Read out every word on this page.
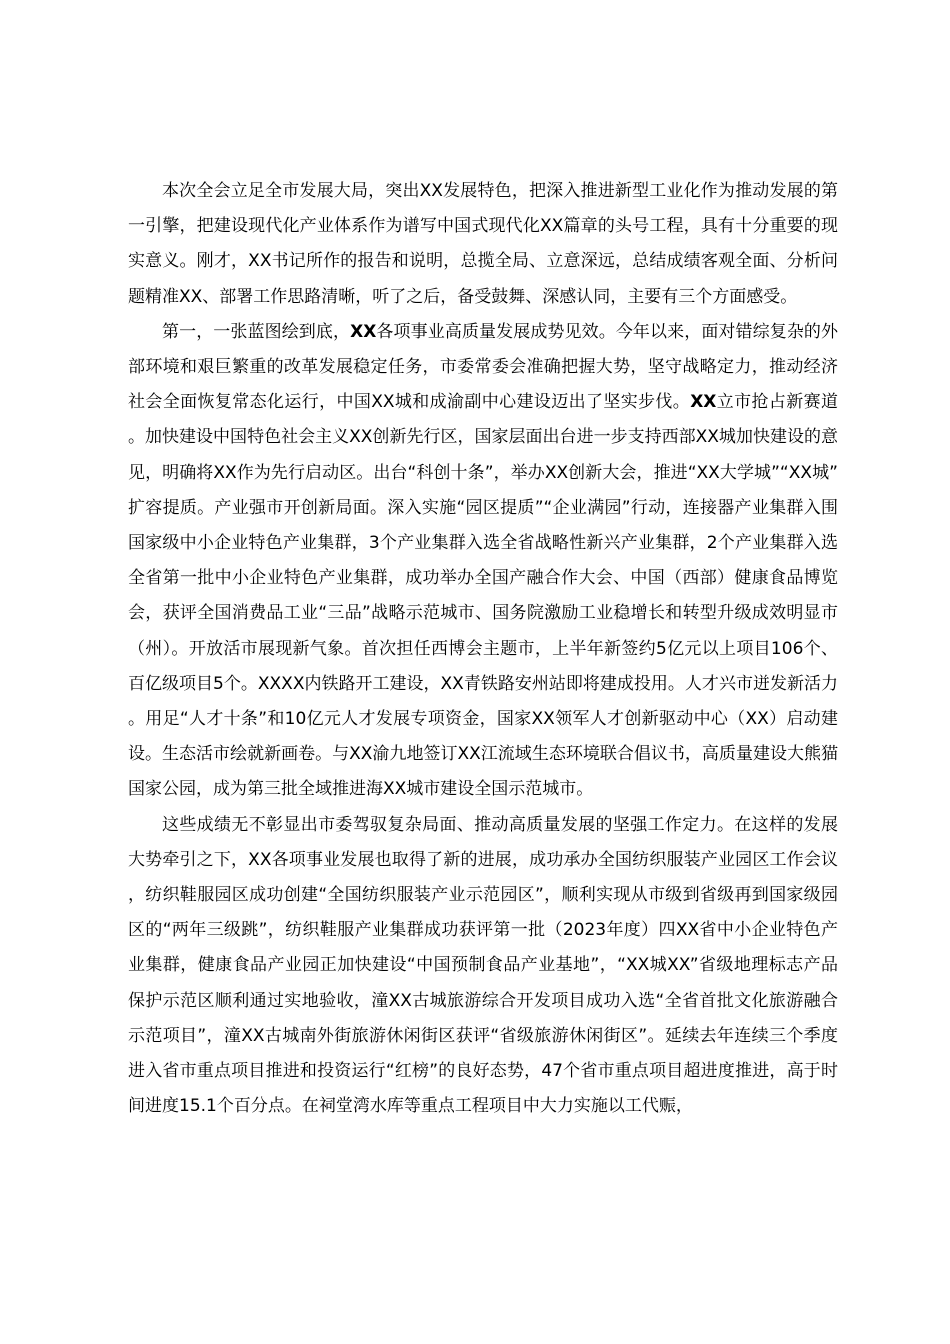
本次全会立足全市发展大局，突出XX发展特色，把深入推进新型工业化作为推动发展的第一引擎，把建设现代化产业体系作为谱写中国式现代化XX篇章的头号工程，具有十分重要的现实意义。刚才，XX书记所作的报告和说明，总揽全局、立意深远，总结成绩客观全面、分析问题精准XX、部署工作思路清晰，听了之后，备受鼓舞、深感认同，主要有三个方面感受。

第一，一张蓝图绘到底，XX各项事业高质量发展成势见效。今年以来，面对错综复杂的外部环境和艰巨繁重的改革发展稳定任务，市委常委会准确把握大势，坚守战略定力，推动经济社会全面恢复常态化运行，中国XX城和成渝副中心建设迈出了坚实步伐。XX立市抢占新赛道。加快建设中国特色社会主义XX创新先行区，国家层面出台进一步支持西部XX城加快建设的意见，明确将XX作为先行启动区。出台“科创十条”，举办XX创新大会，推进“XX大学城”“XX城”扩容提质。产业强市开创新局面。深入实施“园区提质”“企业满园”行动，连接器产业集群入围国家级中小企业特色产业集群，3个产业集群入选全省战略性新兴产业集群，2个产业集群入选全省第一批中小企业特色产业集群，成功举办全国产融合作大会、中国（西部）健康食品博览会，获评全国消费品工业“三品”战略示范城市、国务院激励工业稳增长和转型升级成效明显市（州）。开放活市展现新气象。首次担任西博会主题市，上半年新签约5亿元以上项目106个、百亿级项目5个。XXXX内铁路开工建设，XX青铁路安州站即将建成投用。人才兴市迸发新活力。用足“人才十条”和10亿元人才发展专项资金，国家XX领军人才创新驱动中心（XX）启动建设。生态活市绘就新画卷。与XX渝九地签订XX江流域生态环境联合倡议书，高质量建设大熊猫国家公园，成为第三批全域推进海XX城市建设全国示范城市。

这些成绩无不彰显出市委驾驭复杂局面、推动高质量发展的坚强工作定力。在这样的发展大势牵引之下，XX各项事业发展也取得了新的进展，成功承办全国纺织服装产业园区工作会议，纺织鞋服园区成功创建“全国纺织服装产业示范园区”，顺利实现从市级到省级再到国家级园区的“两年三级跳”，纺织鞋服产业集群成功获评第一批（2023年度）四XX省中小企业特色产业集群，健康食品产业园正加快建设“中国预制食品产业基地”，“XX城XX”省级地理标志产品保护示范区顺利通过实地验收，潼XX古城旅游综合开发项目成功入选“全省首批文化旅游融合示范项目”，潼XX古城南外街旅游休闲街区获评“省级旅游休闲街区”。延续去年连续三个季度进入省市重点项目推进和投资运行“红榜”的良好态势，47个省市重点项目超进度推进，高于时间进度15.1个百分点。在祠堂湾水库等重点工程项目中大力实施以工代赈，
